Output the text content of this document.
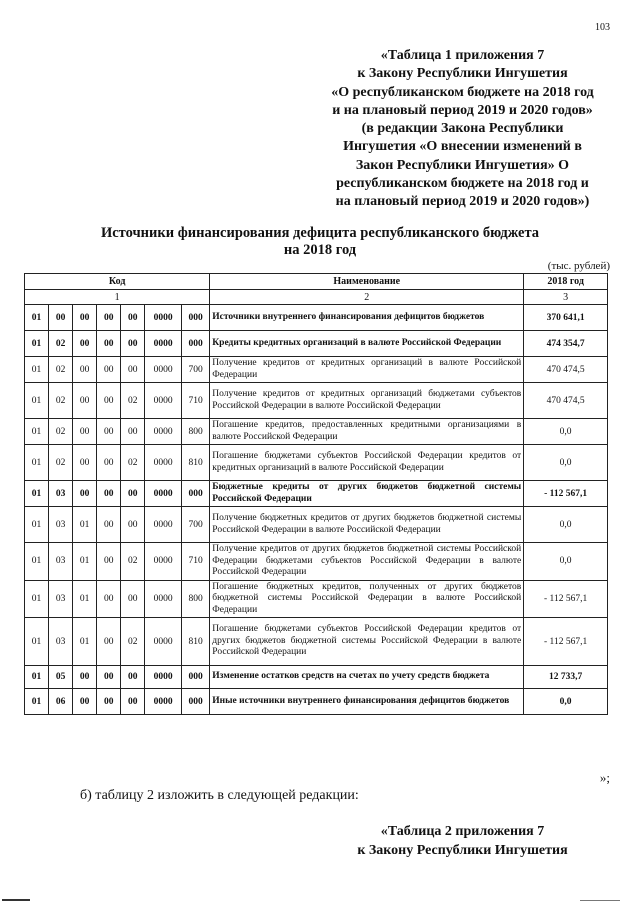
103
«Таблица 1 приложения 7
к Закону Республики Ингушетия
«О республиканском бюджете на 2018 год
и на плановый период 2019 и 2020 годов»
(в редакции Закона Республики
Ингушетия «О внесении изменений в
Закон Республики Ингушетия» О
республиканском бюджете на 2018 год и
на плановый период 2019 и 2020 годов»)
Источники финансирования дефицита республиканского бюджета
на 2018 год
(тыс. рублей)
Код							Наименование	2018 год
1							2	3
01	00	00	00	00	0000	000	Источники внутреннего финансирования дефицитов бюджетов	370 641,1
01	02	00	00	00	0000	000	Кредиты кредитных организаций в валюте Российской Федерации	474 354,7
01	02	00	00	00	0000	700	Получение кредитов от кредитных организаций в валюте Российской Федерации	470 474,5
01	02	00	00	02	0000	710	Получение кредитов от кредитных организаций бюджетами субъектов Российской Федерации в валюте Российской Федерации	470 474,5
01	02	00	00	00	0000	800	Погашение кредитов, предоставленных кредитными организациями в валюте Российской Федерации	0,0
01	02	00	00	02	0000	810	Погашение бюджетами субъектов Российской Федерации кредитов от кредитных организаций в валюте Российской Федерации	0,0
01	03	00	00	00	0000	000	Бюджетные кредиты от других бюджетов бюджетной системы Российской Федерации	- 112 567,1
01	03	01	00	00	0000	700	Получение бюджетных кредитов от других бюджетов бюджетной системы Российской Федерации в валюте Российской Федерации	0,0
01	03	01	00	02	0000	710	Получение кредитов от других бюджетов бюджетной системы Российской Федерации бюджетами субъектов Российской Федерации в валюте Российской Федерации	0,0
01	03	01	00	00	0000	800	Погашение бюджетных кредитов, полученных от других бюджетов бюджетной системы Российской Федерации в валюте Российской Федерации	- 112 567,1
01	03	01	00	02	0000	810	Погашение бюджетами субъектов Российской Федерации кредитов от других бюджетов бюджетной системы Российской Федерации в валюте Российской Федерации	- 112 567,1
01	05	00	00	00	0000	000	Изменение остатков средств на счетах по учету средств бюджета	12 733,7
01	06	00	00	00	0000	000	Иные источники внутреннего финансирования дефицитов бюджетов	0,0
»;
б) таблицу 2 изложить в следующей редакции:
«Таблица 2 приложения 7
к Закону Республики Ингушетия
